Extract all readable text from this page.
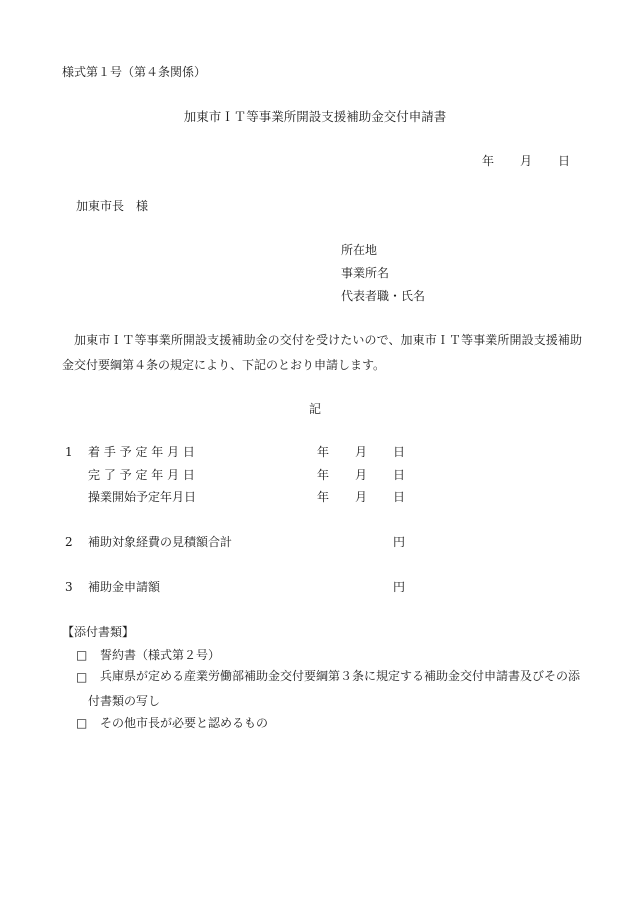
様式第１号（第４条関係）
加東市ＩＴ等事業所開設支援補助金交付申請書
年 月 日
加東市長　様
所在地
事業所名
代表者職・氏名
加東市ＩＴ等事業所開設支援補助金の交付を受けたいので、加東市ＩＴ等事業所開設支援補助金交付要綱第４条の規定により、下記のとおり申請します。
記
1 着 手 予 定 年 月 日	年 月 日
完 了 予 定 年 月 日	年 月 日
操業開始予定年月日	年 月 日
2 補助対象経費の見積額合計	円
3 補助金申請額	円
【添付書類】
□ 誓約書（様式第２号）
□	兵庫県が定める産業労働部補助金交付要綱第３条に規定する補助金交付申請書及びその添付書類の写し
□ その他市長が必要と認めるもの
